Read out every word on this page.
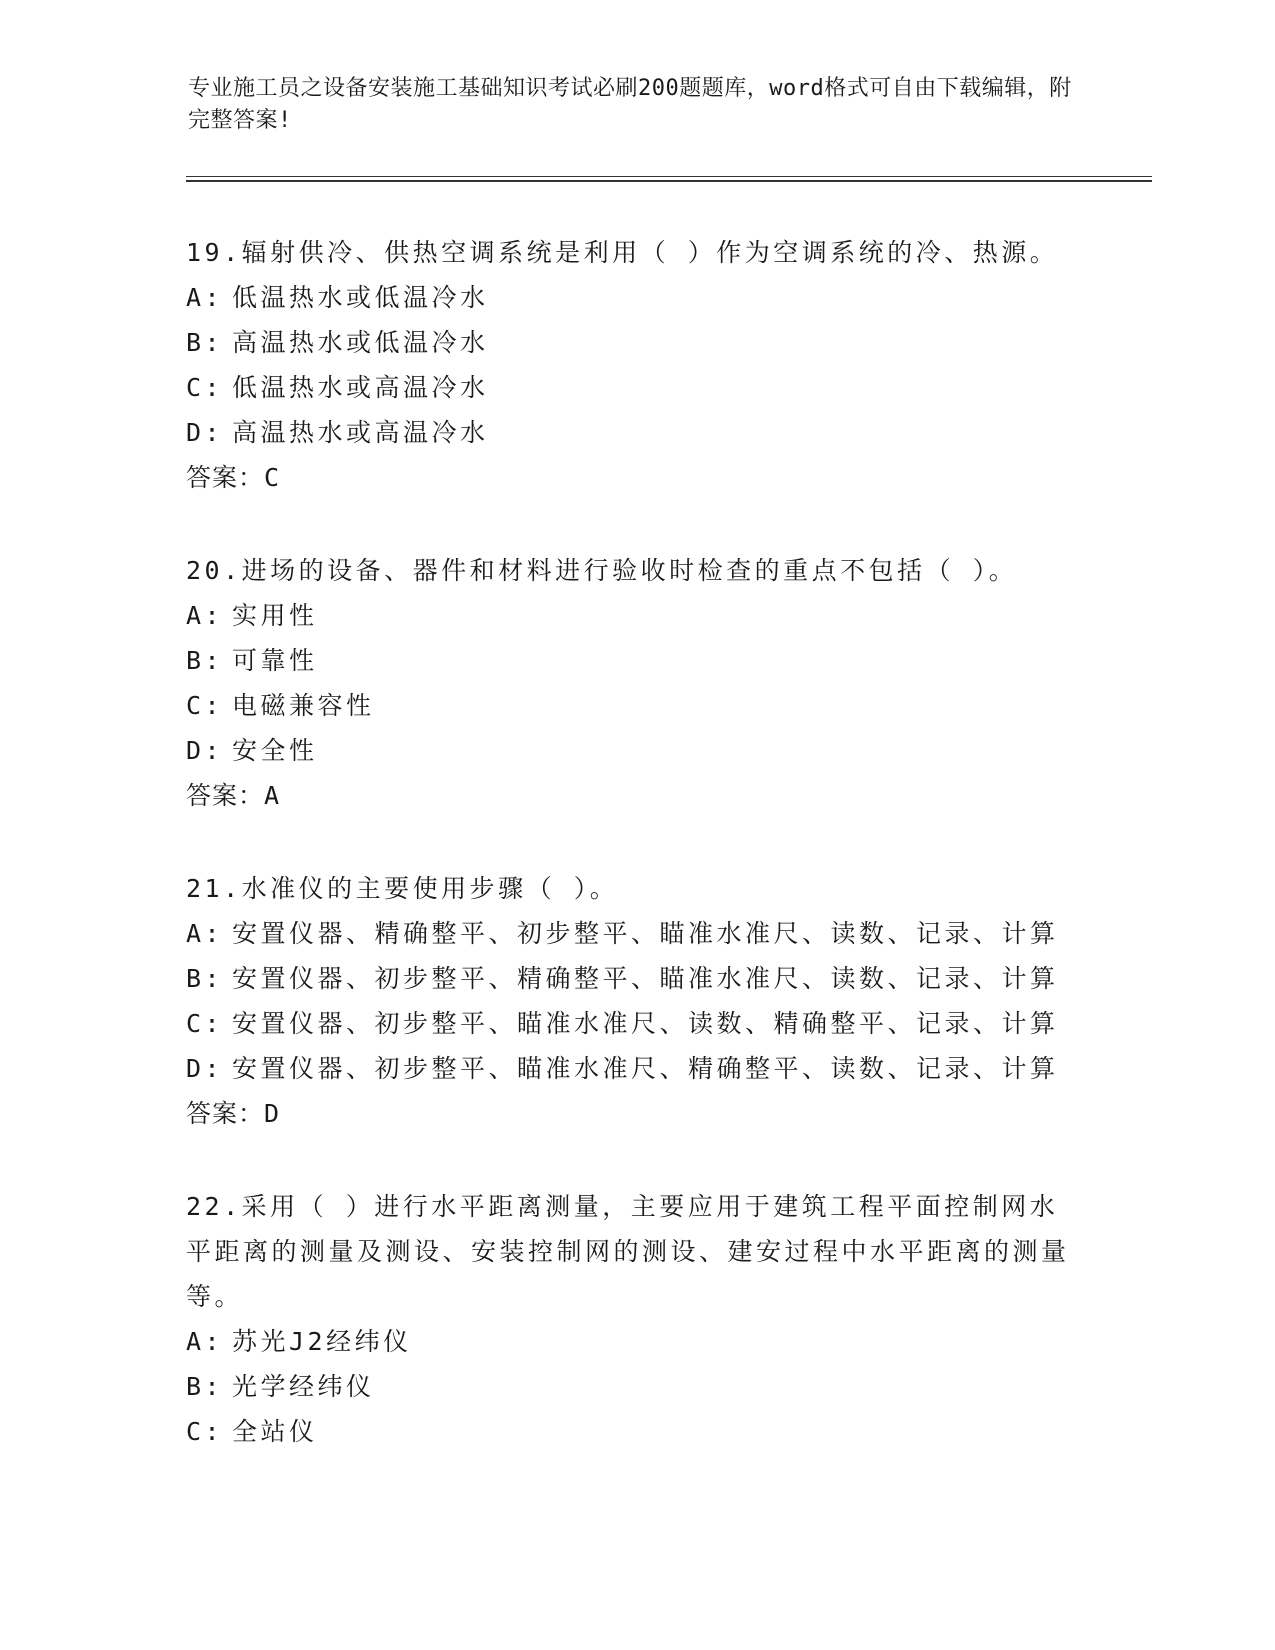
专业施工员之设备安装施工基础知识考试必刷200题题库，word格式可自由下载编辑，附完整答案!

19.辐射供冷、供热空调系统是利用（ ）作为空调系统的冷、热源。

A: 低温热水或低温冷水
B: 高温热水或低温冷水
C: 低温热水或高温冷水
D: 高温热水或高温冷水
答案：C

20.进场的设备、器件和材料进行验收时检查的重点不包括（ ）。

A: 实用性
B: 可靠性
C: 电磁兼容性
D: 安全性
答案：A

21.水准仪的主要使用步骤（ ）。

A: 安置仪器、精确整平、初步整平、瞄准水准尺、读数、记录、计算
B: 安置仪器、初步整平、精确整平、瞄准水准尺、读数、记录、计算
C: 安置仪器、初步整平、瞄准水准尺、读数、精确整平、记录、计算
D: 安置仪器、初步整平、瞄准水准尺、精确整平、读数、记录、计算
答案：D

22.采用（ ）进行水平距离测量，主要应用于建筑工程平面控制网水平距离的测量及测设、安装控制网的测设、建安过程中水平距离的测量等。

A: 苏光J2经纬仪
B: 光学经纬仪
C: 全站仪
